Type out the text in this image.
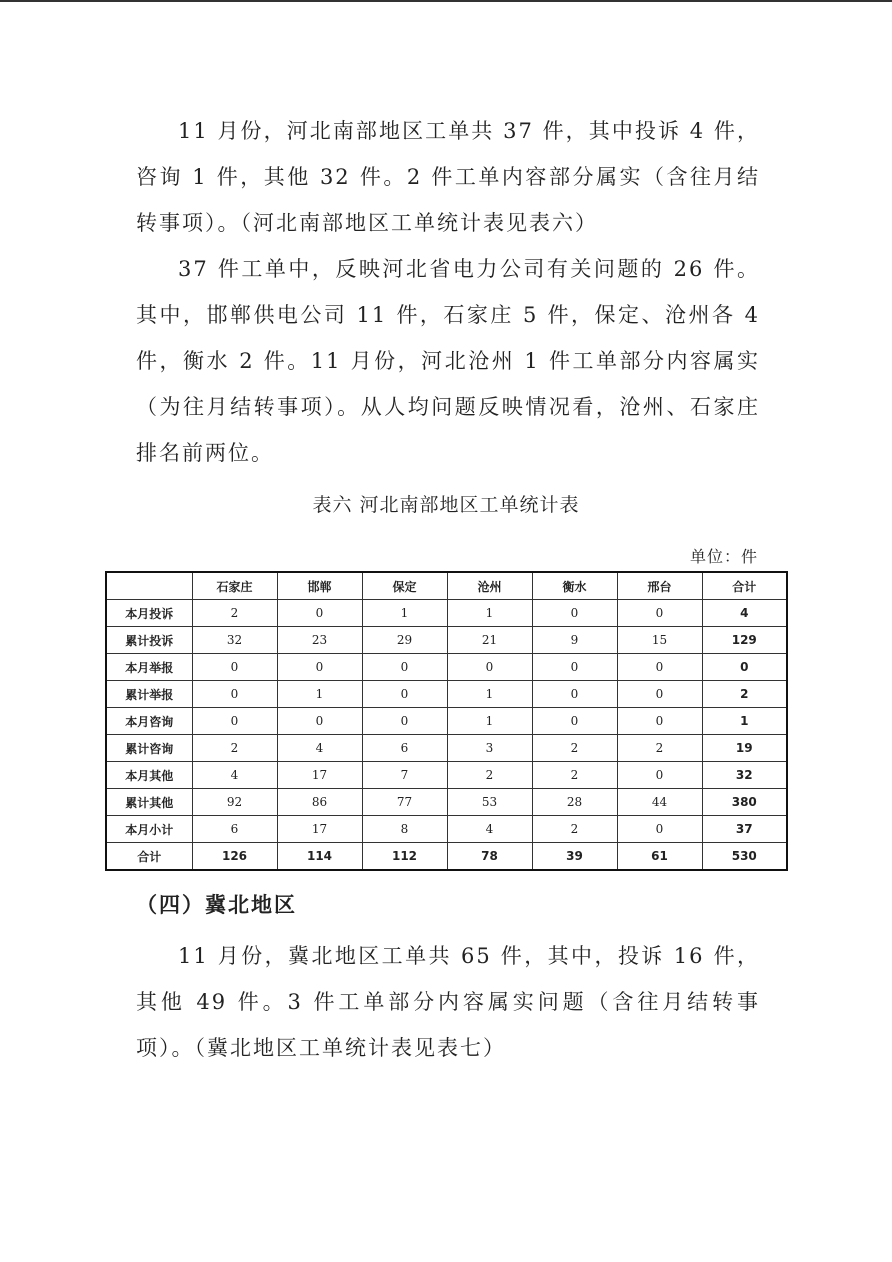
11 月份，河北南部地区工单共 37 件，其中投诉 4 件，咨询 1 件，其他 32 件。2 件工单内容部分属实（含往月结转事项）。（河北南部地区工单统计表见表六）

37 件工单中，反映河北省电力公司有关问题的 26 件。其中，邯郸供电公司 11 件，石家庄 5 件，保定、沧州各 4 件，衡水 2 件。11 月份，河北沧州 1 件工单部分内容属实（为往月结转事项）。从人均问题反映情况看，沧州、石家庄排名前两位。

表六 河北南部地区工单统计表

单位：件

	石家庄	邯郸	保定	沧州	衡水	邢台	合计
本月投诉	2	0	1	1	0	0	4
累计投诉	32	23	29	21	9	15	129
本月举报	0	0	0	0	0	0	0
累计举报	0	1	0	1	0	0	2
本月咨询	0	0	0	1	0	0	1
累计咨询	2	4	6	3	2	2	19
本月其他	4	17	7	2	2	0	32
累计其他	92	86	77	53	28	44	380
本月小计	6	17	8	4	2	0	37
合计	126	114	112	78	39	61	530

（四）冀北地区

11 月份，冀北地区工单共 65 件，其中，投诉 16 件，其他 49 件。3 件工单部分内容属实问题（含往月结转事项）。（冀北地区工单统计表见表七）
